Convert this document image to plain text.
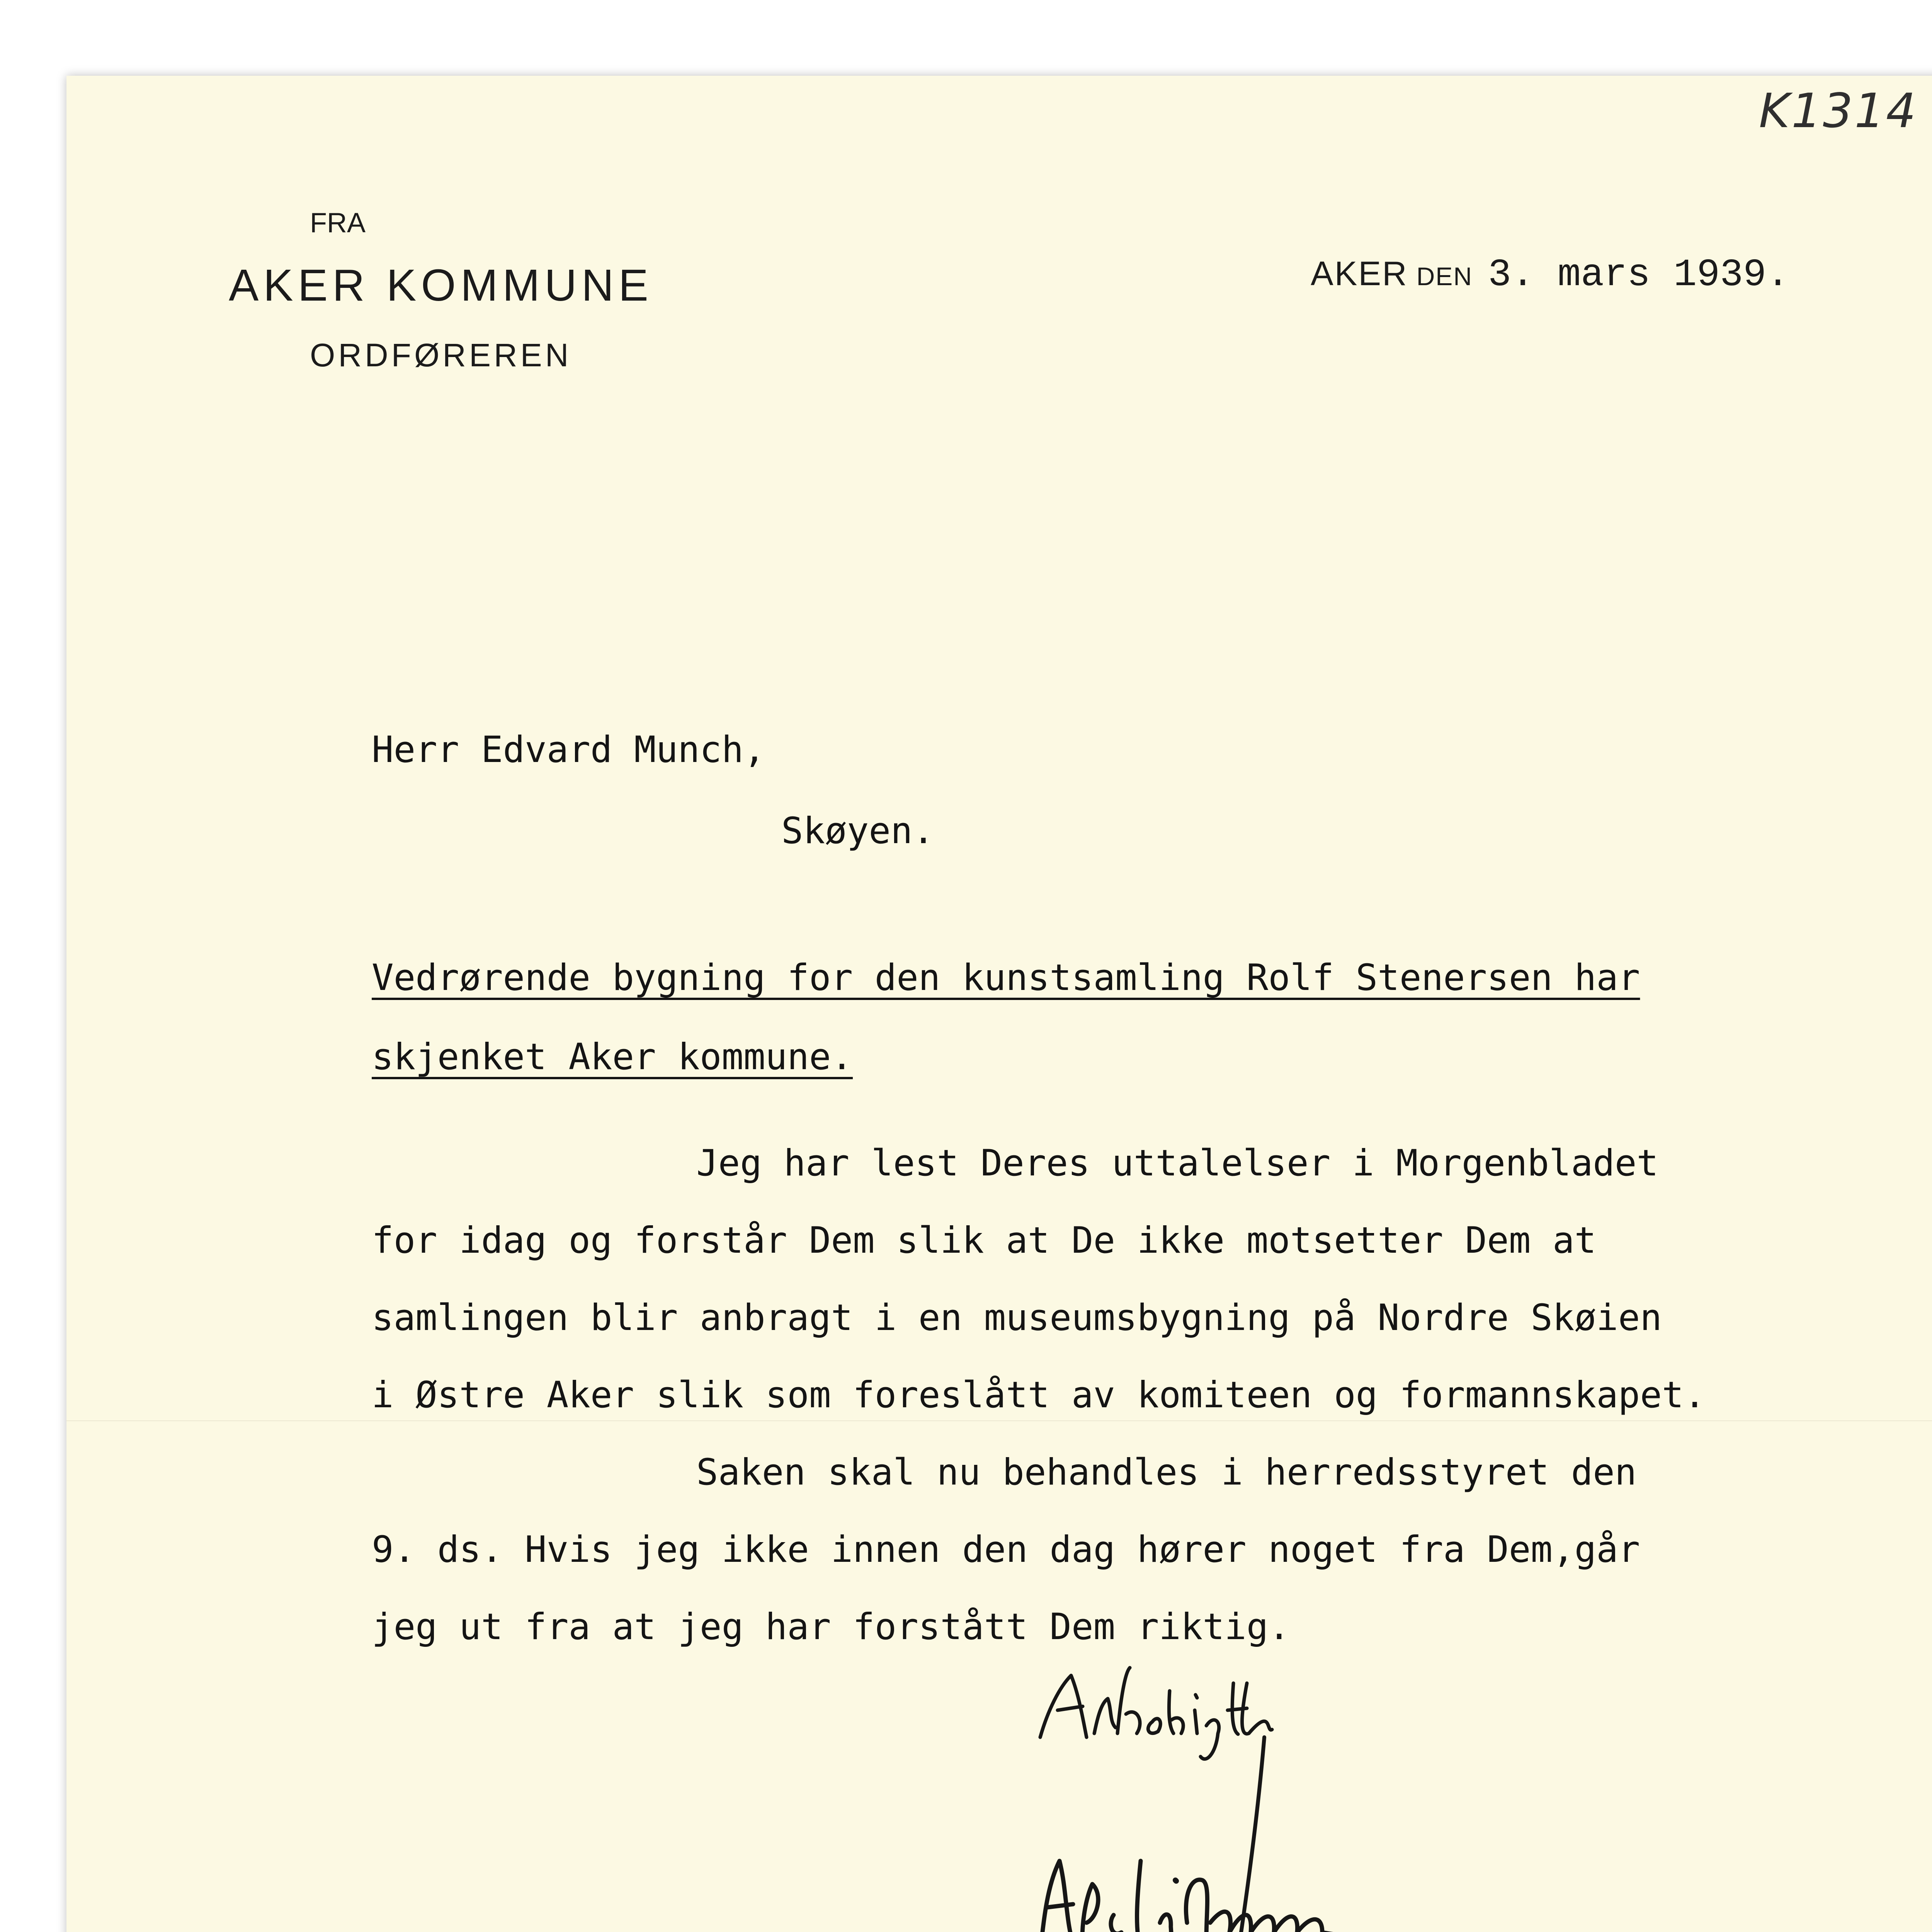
K1314

FRA

AKER KOMMUNE

ORDFØREREN

AKER DEN 3. mars 1939.

Herr Edvard Munch,

Skøyen.

Vedrørende bygning for den kunstsamling Rolf Stenersen har

skjenket Aker kommune.

Jeg har lest Deres uttalelser i Morgenbladet

for idag og forstår Dem slik at De ikke motsetter Dem at

samlingen blir anbragt i en museumsbygning på Nordre Skøien

i Østre Aker slik som foreslått av komiteen og formannskapet.

Saken skal nu behandles i herredsstyret den

9. ds. Hvis jeg ikke innen den dag hører noget fra Dem,går

jeg ut fra at jeg har forstått Dem riktig.
